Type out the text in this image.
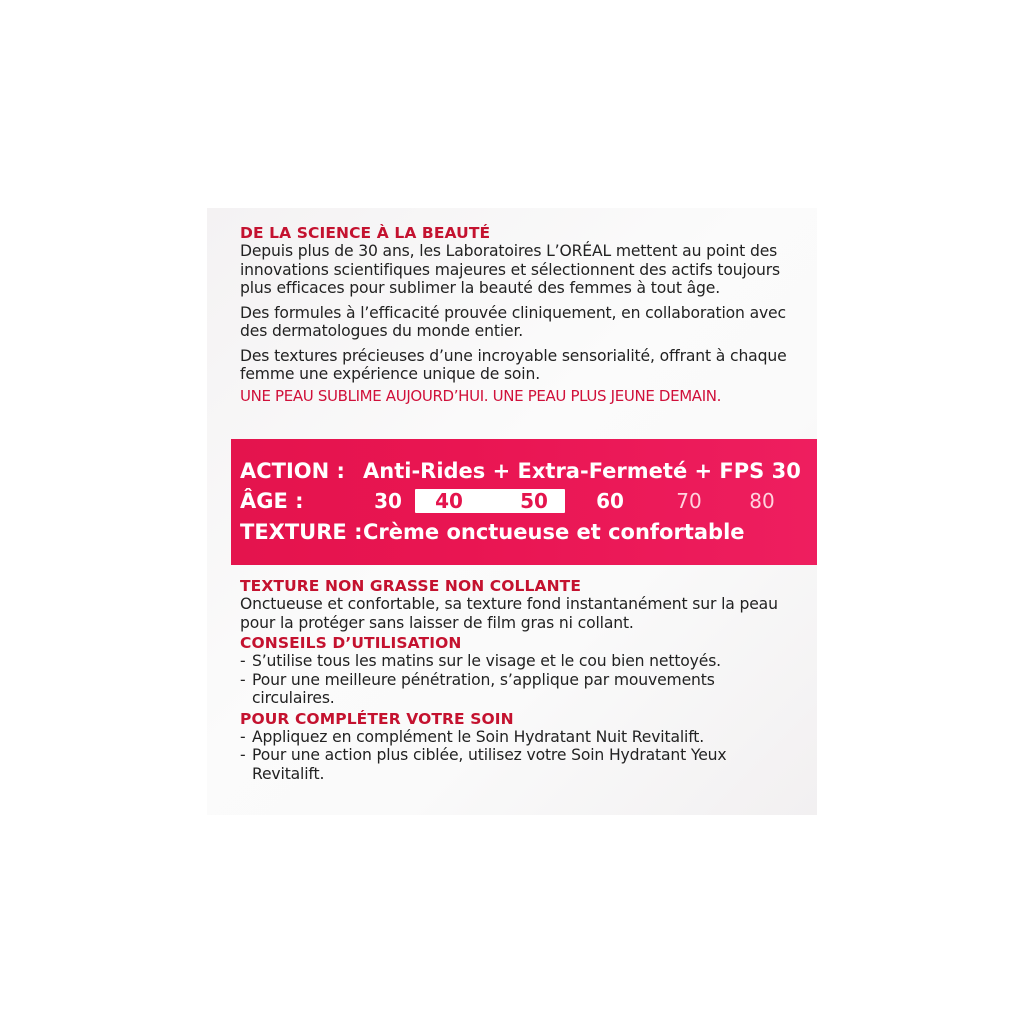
DE LA SCIENCE À LA BEAUTÉ

Depuis plus de 30 ans, les Laboratoires L’ORÉAL mettent au point des innovations scientifiques majeures et sélectionnent des actifs toujours plus efficaces pour sublimer la beauté des femmes à tout âge.

Des formules à l’efficacité prouvée cliniquement, en collaboration avec des dermatologues du monde entier.

Des textures précieuses d’une incroyable sensorialité, offrant à chaque femme une expérience unique de soin.

UNE PEAU SUBLIME AUJOURD’HUI. UNE PEAU PLUS JEUNE DEMAIN.

ACTION : Anti-Rides + Extra-Fermeté + FPS 30
ÂGE :	30	40	50	60	70	80
TEXTURE :Crème onctueuse et confortable

TEXTURE NON GRASSE NON COLLANTE

Onctueuse et confortable, sa texture fond instantanément sur la peau pour la protéger sans laisser de film gras ni collant.

CONSEILS D’UTILISATION

- S’utilise tous les matins sur le visage et le cou bien nettoyés.
- Pour une meilleure pénétration, s’applique par mouvements circulaires.

POUR COMPLÉTER VOTRE SOIN

- Appliquez en complément le Soin Hydratant Nuit Revitalift.
- Pour une action plus ciblée, utilisez votre Soin Hydratant Yeux Revitalift.
